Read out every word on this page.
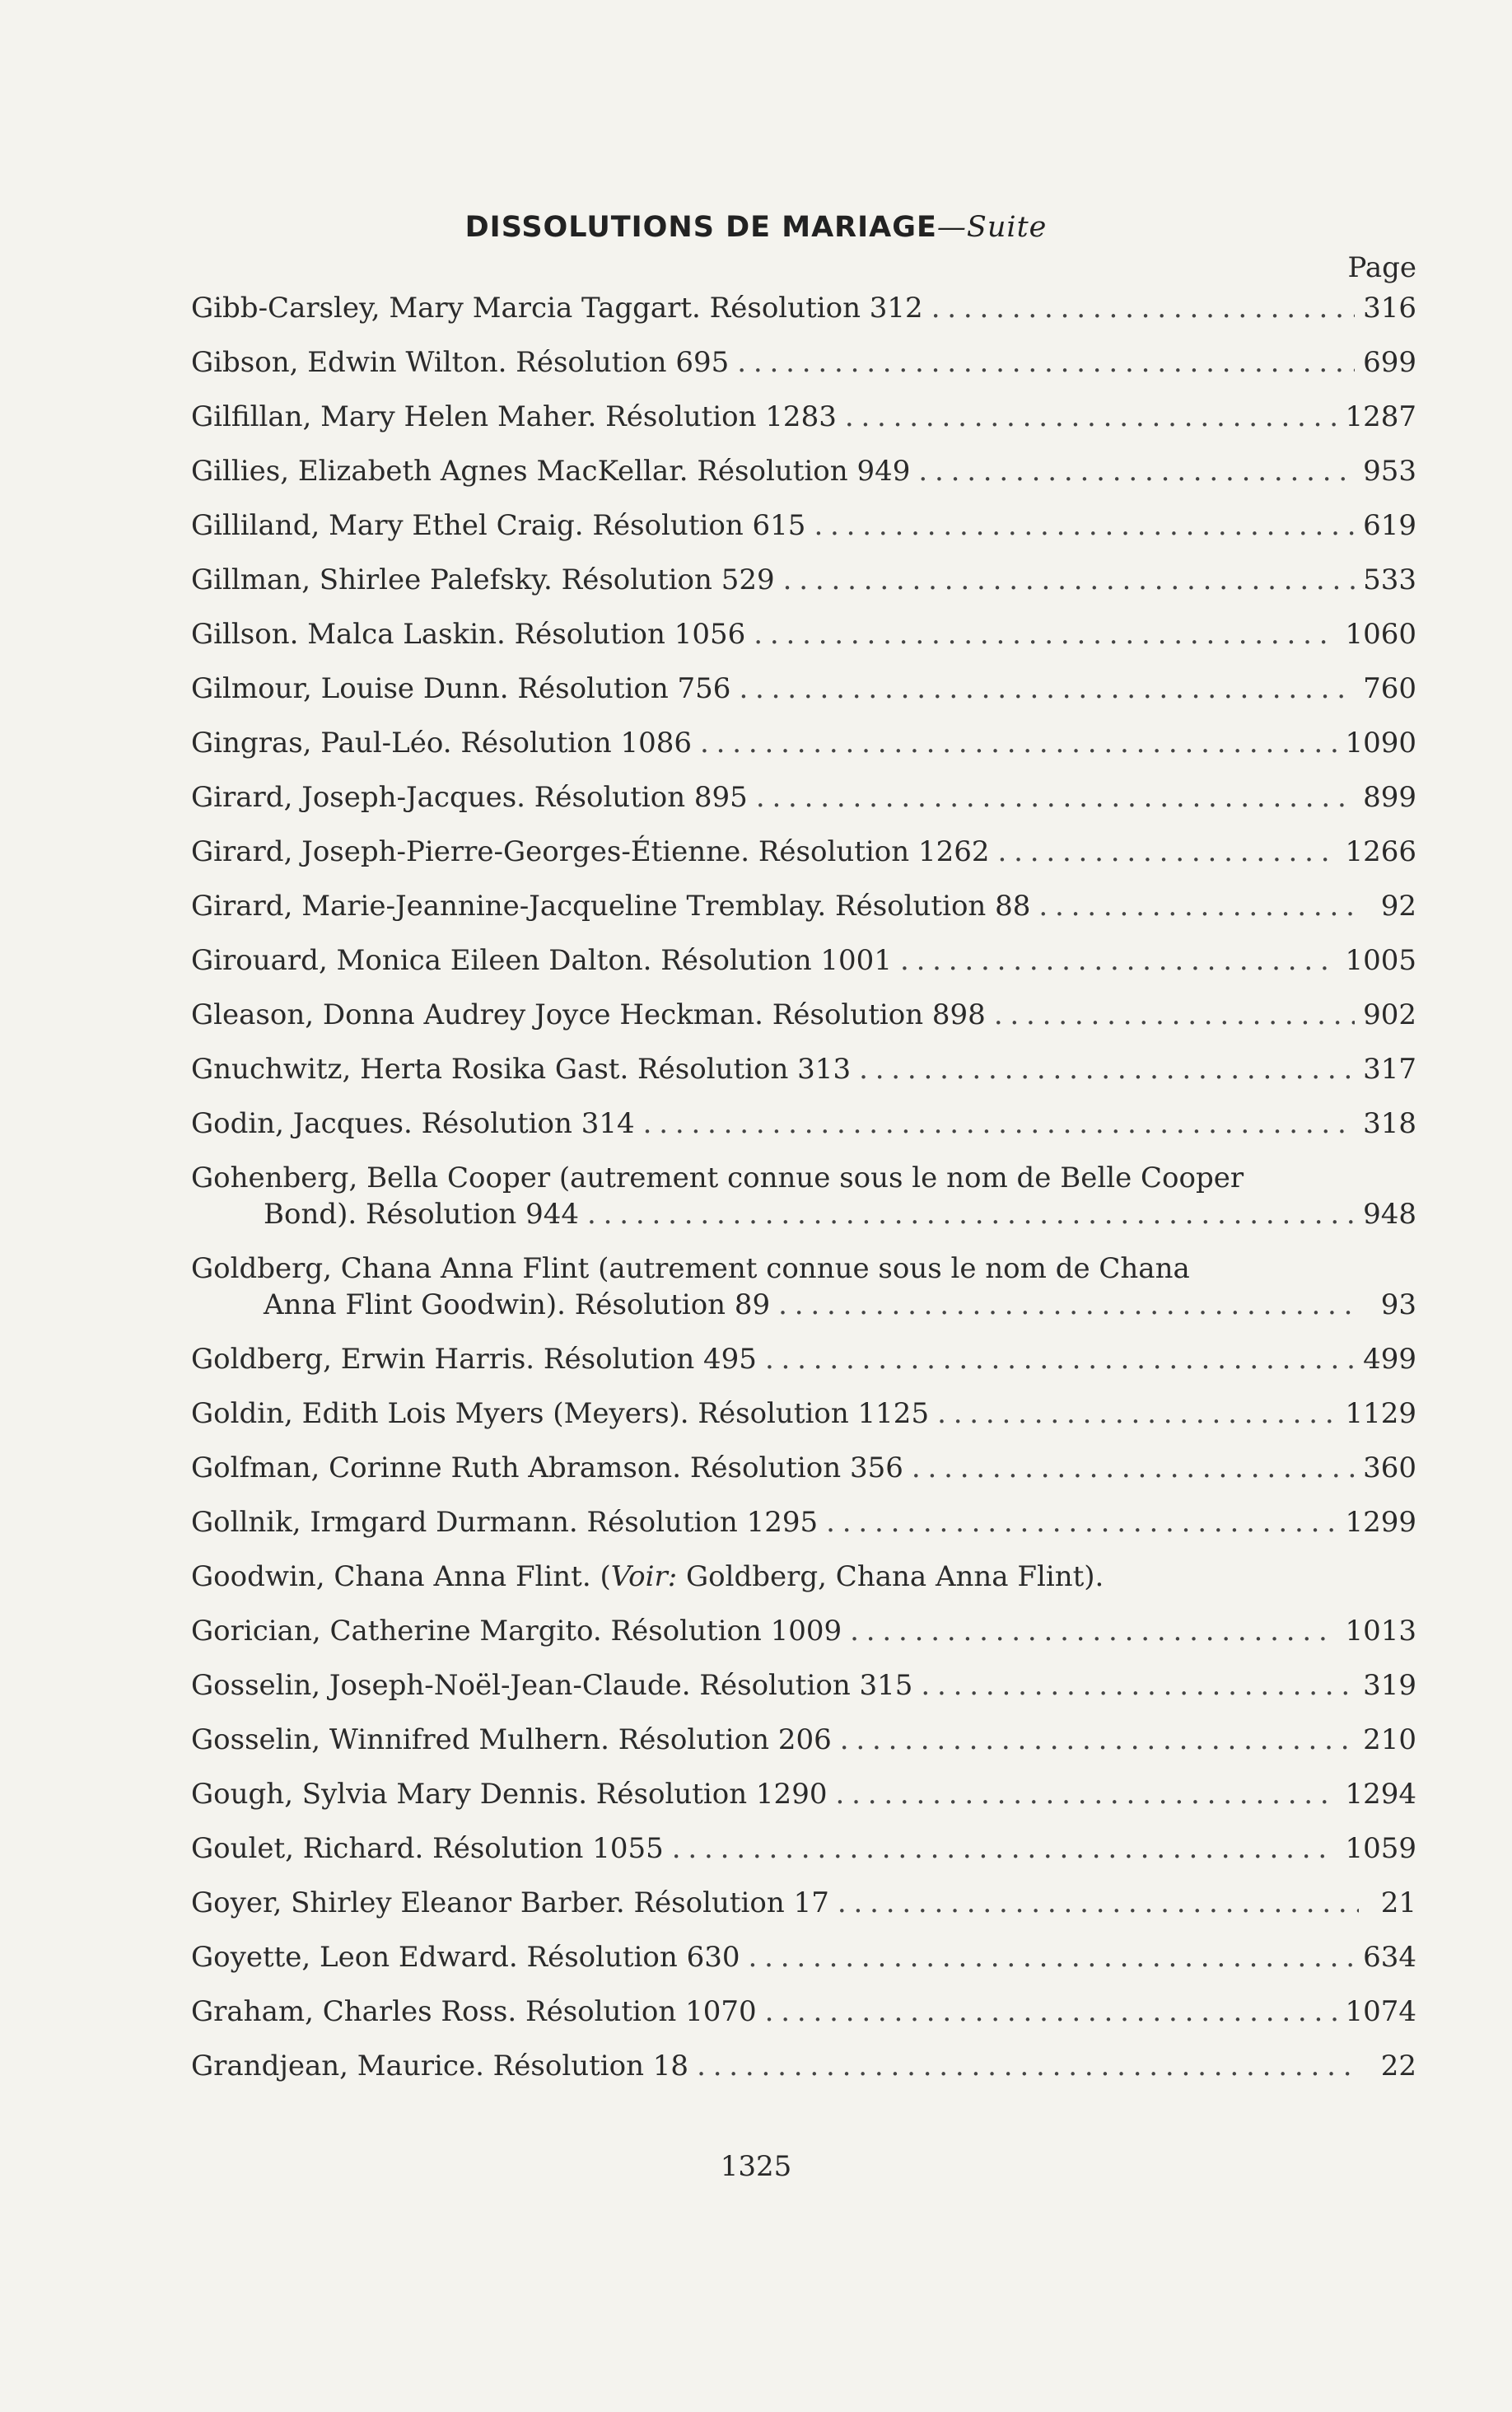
DISSOLUTIONS DE MARIAGE—Suite
Page
Gibb-Carsley, Mary Marcia Taggart. Résolution 312 . . .	316
Gibson, Edwin Wilton. Résolution 695 . . .	699
Gilfillan, Mary Helen Maher. Résolution 1283 . . .	1287
Gillies, Elizabeth Agnes MacKellar. Résolution 949 . . .	953
Gilliland, Mary Ethel Craig. Résolution 615 . . .	619
Gillman, Shirlee Palefsky. Résolution 529 . . .	533
Gillson. Malca Laskin. Résolution 1056 . . .	1060
Gilmour, Louise Dunn. Résolution 756 . . .	760
Gingras, Paul-Léo. Résolution 1086 . . .	1090
Girard, Joseph-Jacques. Résolution 895 . . .	899
Girard, Joseph-Pierre-Georges-Étienne. Résolution 1262 . . .	1266
Girard, Marie-Jeannine-Jacqueline Tremblay. Résolution 88 . . .	92
Girouard, Monica Eileen Dalton. Résolution 1001 . . .	1005
Gleason, Donna Audrey Joyce Heckman. Résolution 898 . . .	902
Gnuchwitz, Herta Rosika Gast. Résolution 313 . . .	317
Godin, Jacques. Résolution 314 . . .	318
Gohenberg, Bella Cooper (autrement connue sous le nom de Belle Cooper
Bond). Résolution 944 . . .	948
Goldberg, Chana Anna Flint (autrement connue sous le nom de Chana
Anna Flint Goodwin). Résolution 89 . . .	93
Goldberg, Erwin Harris. Résolution 495 . . .	499
Goldin, Edith Lois Myers (Meyers). Résolution 1125 . . .	1129
Golfman, Corinne Ruth Abramson. Résolution 356 . . .	360
Gollnik, Irmgard Durmann. Résolution 1295 . . .	1299
Goodwin, Chana Anna Flint. ( Voir: Goldberg, Chana Anna Flint).
Gorician, Catherine Margito. Résolution 1009 . . .	1013
Gosselin, Joseph-Noël-Jean-Claude. Résolution 315 . . .	319
Gosselin, Winnifred Mulhern. Résolution 206 . . .	210
Gough, Sylvia Mary Dennis. Résolution 1290 . . .	1294
Goulet, Richard. Résolution 1055 . . .	1059
Goyer, Shirley Eleanor Barber. Résolution 17 . . .	21
Goyette, Leon Edward. Résolution 630 . . .	634
Graham, Charles Ross. Résolution 1070 . . .	1074
Grandjean, Maurice. Résolution 18 . . .	22
1325
